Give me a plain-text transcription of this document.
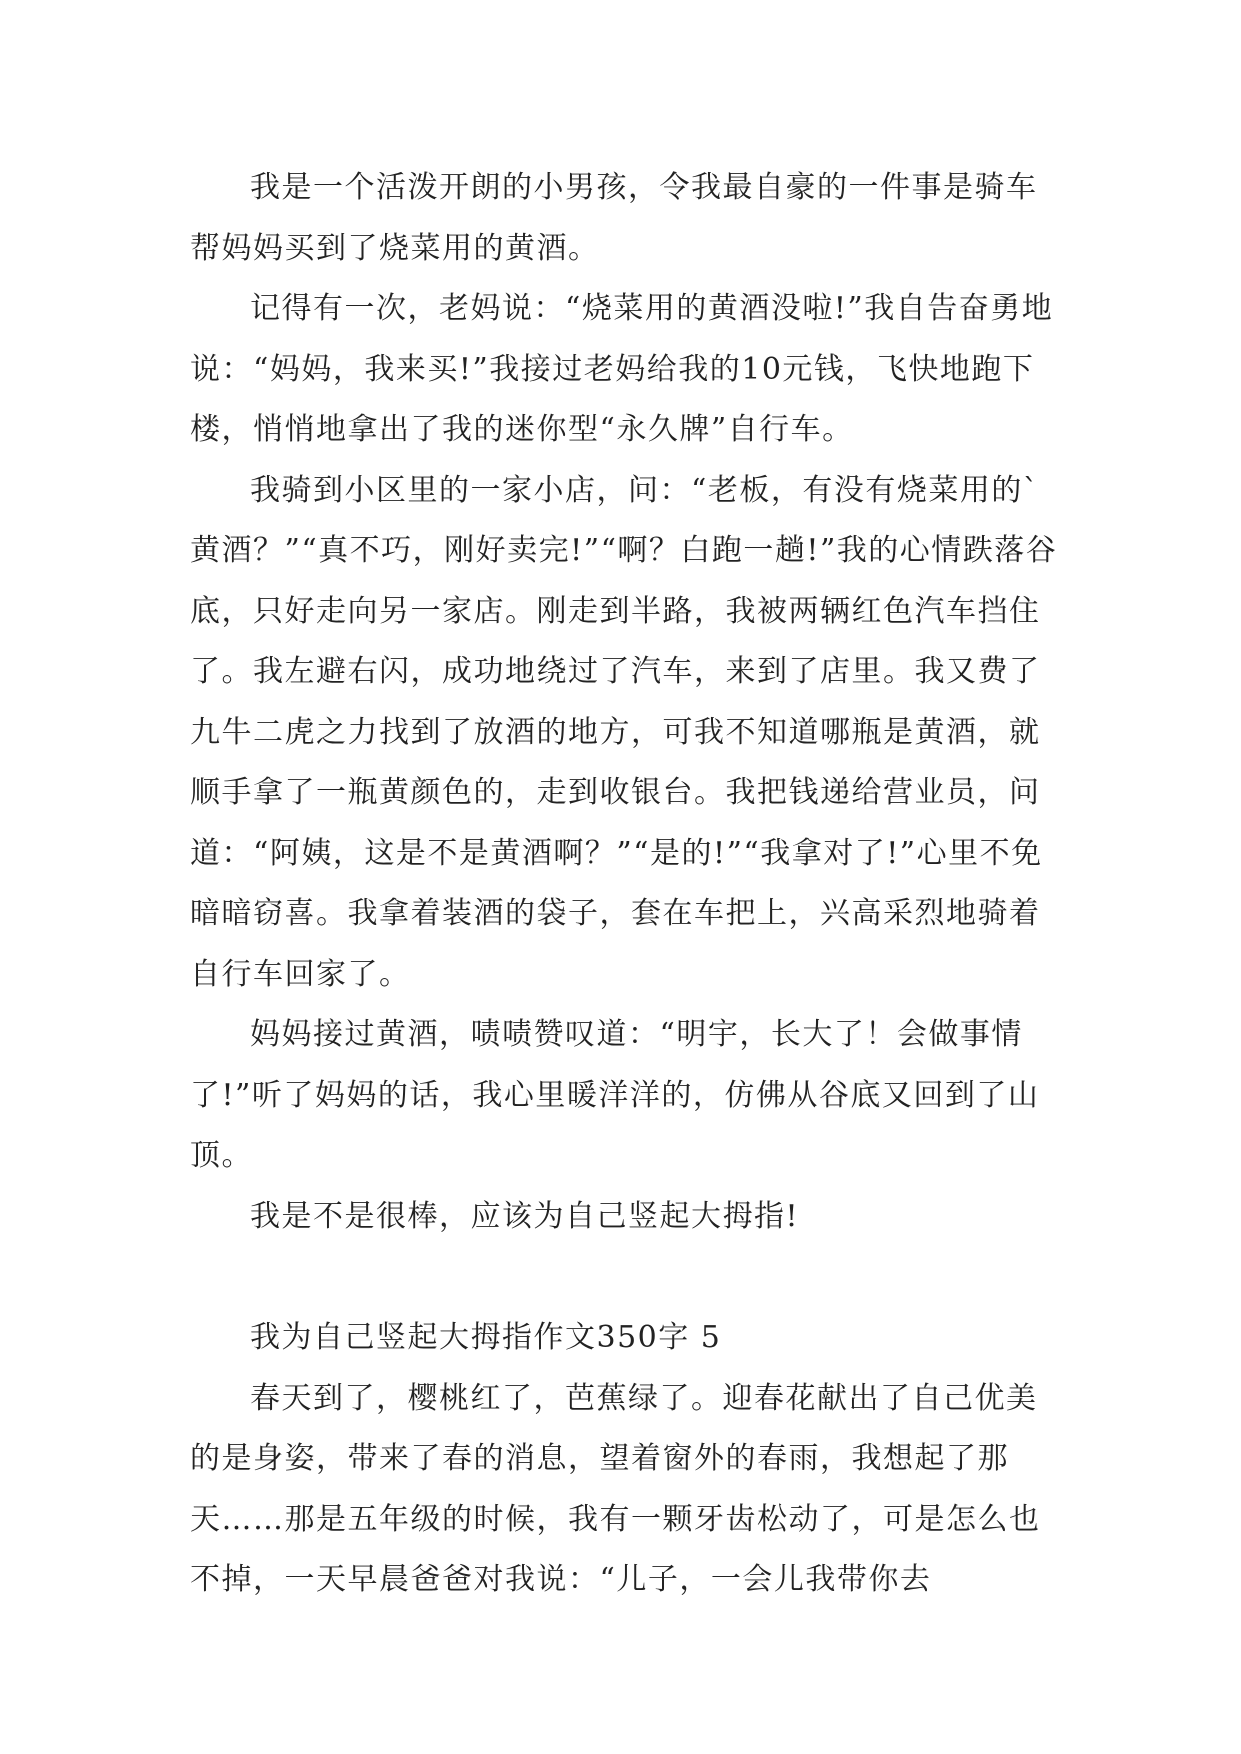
我是一个活泼开朗的小男孩，令我最自豪的一件事是骑车帮妈妈买到了烧菜用的黄酒。

记得有一次，老妈说：“烧菜用的黄酒没啦!”我自告奋勇地说：“妈妈，我来买!”我接过老妈给我的10元钱，飞快地跑下楼，悄悄地拿出了我的迷你型“永久牌”自行车。

我骑到小区里的一家小店，问：“老板，有没有烧菜用的`黄酒？”“真不巧，刚好卖完!”“啊？白跑一趟!”我的心情跌落谷底，只好走向另一家店。刚走到半路，我被两辆红色汽车挡住了。我左避右闪，成功地绕过了汽车，来到了店里。我又费了九牛二虎之力找到了放酒的地方，可我不知道哪瓶是黄酒，就顺手拿了一瓶黄颜色的，走到收银台。我把钱递给营业员，问道：“阿姨，这是不是黄酒啊？”“是的!”“我拿对了!”心里不免暗暗窃喜。我拿着装酒的袋子，套在车把上，兴高采烈地骑着自行车回家了。

妈妈接过黄酒，啧啧赞叹道：“明宇，长大了！会做事情了!”听了妈妈的话，我心里暖洋洋的，仿佛从谷底又回到了山顶。

我是不是很棒，应该为自己竖起大拇指!

我为自己竖起大拇指作文350字 5

春天到了，樱桃红了，芭蕉绿了。迎春花献出了自己优美的是身姿，带来了春的消息，望着窗外的春雨，我想起了那天……那是五年级的时候，我有一颗牙齿松动了，可是怎么也不掉，一天早晨爸爸对我说：“儿子，一会儿我带你去
